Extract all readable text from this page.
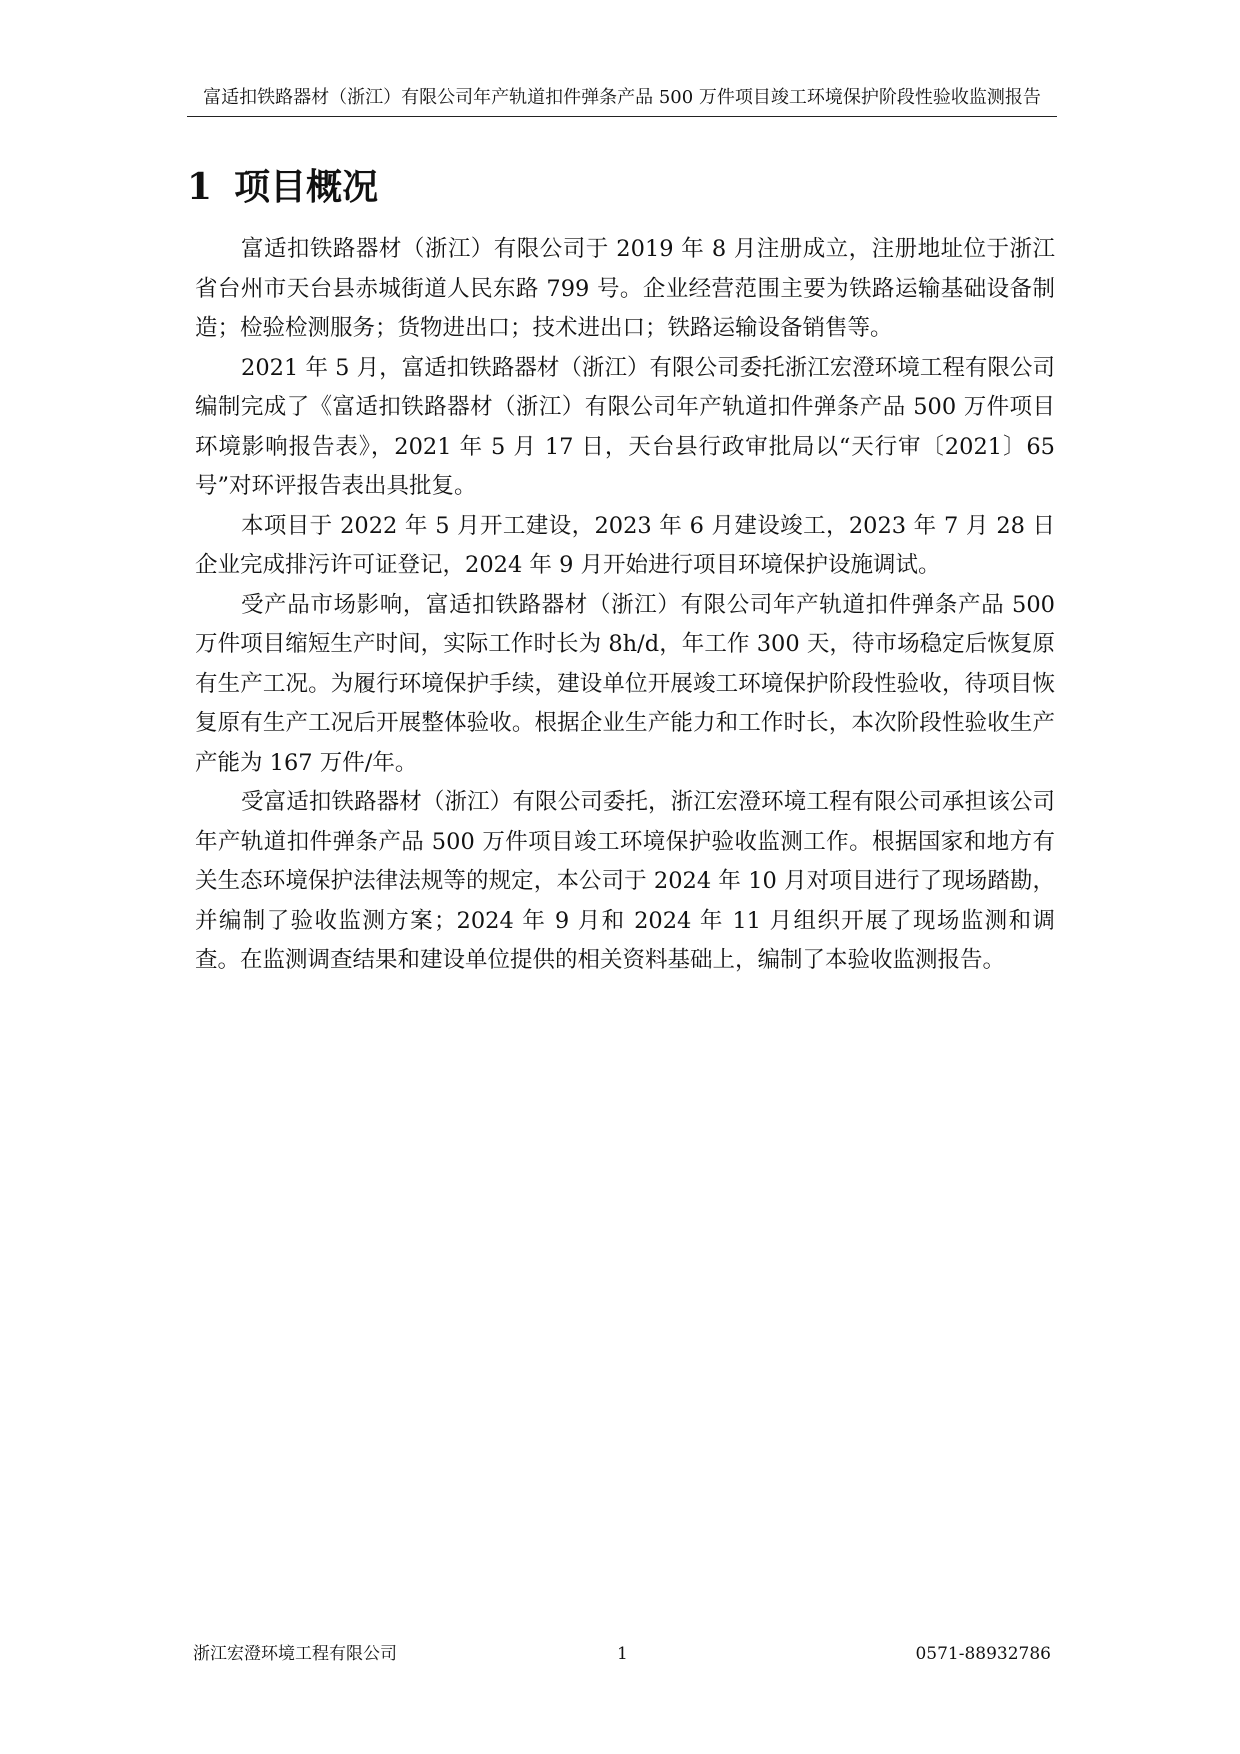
富适扣铁路器材（浙江）有限公司年产轨道扣件弹条产品 500 万件项目竣工环境保护阶段性验收监测报告
1 项目概况

富适扣铁路器材（浙江）有限公司于 2019 年 8 月注册成立，注册地址位于浙江省台州市天台县赤城街道人民东路 799 号。企业经营范围主要为铁路运输基础设备制造；检验检测服务；货物进出口；技术进出口；铁路运输设备销售等。

2021 年 5 月，富适扣铁路器材（浙江）有限公司委托浙江宏澄环境工程有限公司编制完成了《富适扣铁路器材（浙江）有限公司年产轨道扣件弹条产品 500 万件项目环境影响报告表》，2021 年 5 月 17 日，天台县行政审批局以“天行审〔2021〕65 号”对环评报告表出具批复。

本项目于 2022 年 5 月开工建设，2023 年 6 月建设竣工，2023 年 7 月 28 日企业完成排污许可证登记，2024 年 9 月开始进行项目环境保护设施调试。

受产品市场影响，富适扣铁路器材（浙江）有限公司年产轨道扣件弹条产品 500 万件项目缩短生产时间，实际工作时长为 8h/d，年工作 300 天，待市场稳定后恢复原有生产工况。为履行环境保护手续，建设单位开展竣工环境保护阶段性验收，待项目恢复原有生产工况后开展整体验收。根据企业生产能力和工作时长，本次阶段性验收生产产能为 167 万件/年。

受富适扣铁路器材（浙江）有限公司委托，浙江宏澄环境工程有限公司承担该公司年产轨道扣件弹条产品 500 万件项目竣工环境保护验收监测工作。根据国家和地方有关生态环境保护法律法规等的规定，本公司于 2024 年 10 月对项目进行了现场踏勘，并编制了验收监测方案；2024 年 9 月和 2024 年 11 月组织开展了现场监测和调查。在监测调查结果和建设单位提供的相关资料基础上，编制了本验收监测报告。

浙江宏澄环境工程有限公司	1	0571-88932786
